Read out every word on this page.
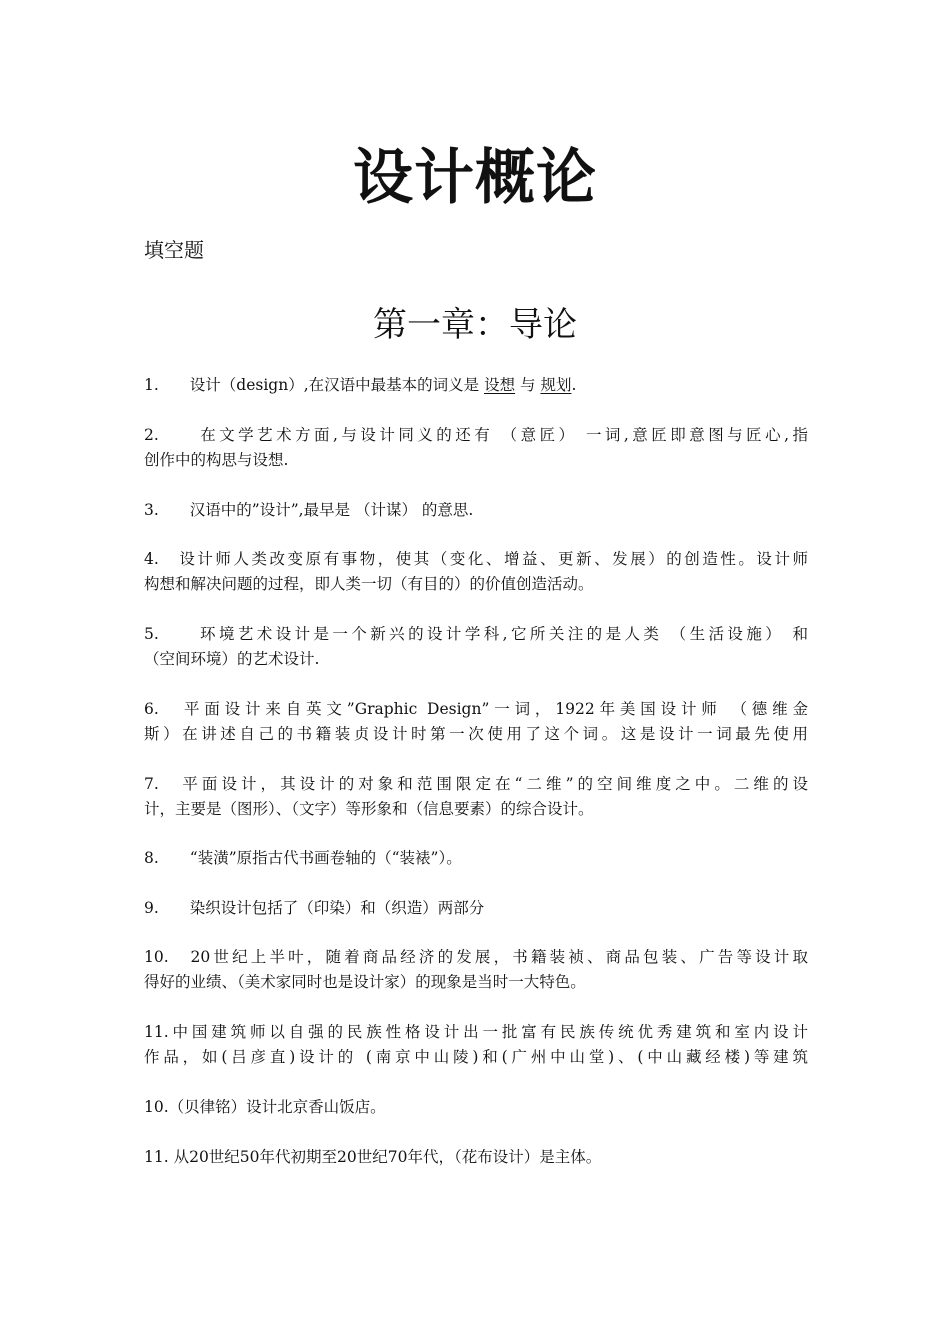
设计概论
填空题
第一章：导论
1.　　设计（design）,在汉语中最基本的词义是 设想 与 规划.
2.　　在文学艺术方面,与设计同义的还有 （意匠） 一词,意匠即意图与匠心,指
创作中的构思与设想.
3.　　汉语中的”设计”,最早是 （计谋） 的意思.
4.　设计师人类改变原有事物，使其（变化、增益、更新、发展）的创造性。设计师
构想和解决问题的过程，即人类一切（有目的）的价值创造活动。
5.　　环境艺术设计是一个新兴的设计学科,它所关注的是人类 （生活设施） 和
（空间环境）的艺术设计.
6.　平面设计来自英文”Graphic Design”一词，1922年美国设计师 （德维金
斯）在讲述自己的书籍装贞设计时第一次使用了这个词。这是设计一词最先使用
7.　平面设计，其设计的对象和范围限定在“二维”的空间维度之中。二维的设
计，主要是（图形）、（文字）等形象和（信息要素）的综合设计。
8.　　“装潢”原指古代书画卷轴的（“装裱”）。
9.　　染织设计包括了（印染）和（织造）两部分
10.　20世纪上半叶，随着商品经济的发展，书籍装祯、商品包装、广告等设计取
得好的业绩、（美术家同时也是设计家）的现象是当时一大特色。
11.中国建筑师以自强的民族性格设计出一批富有民族传统优秀建筑和室内设计
作品，如(吕彦直)设计的 (南京中山陵)和(广州中山堂)、(中山藏经楼)等建筑
10.（贝律铭）设计北京香山饭店。
11. 从20世纪50年代初期至20世纪70年代，（花布设计）是主体。
